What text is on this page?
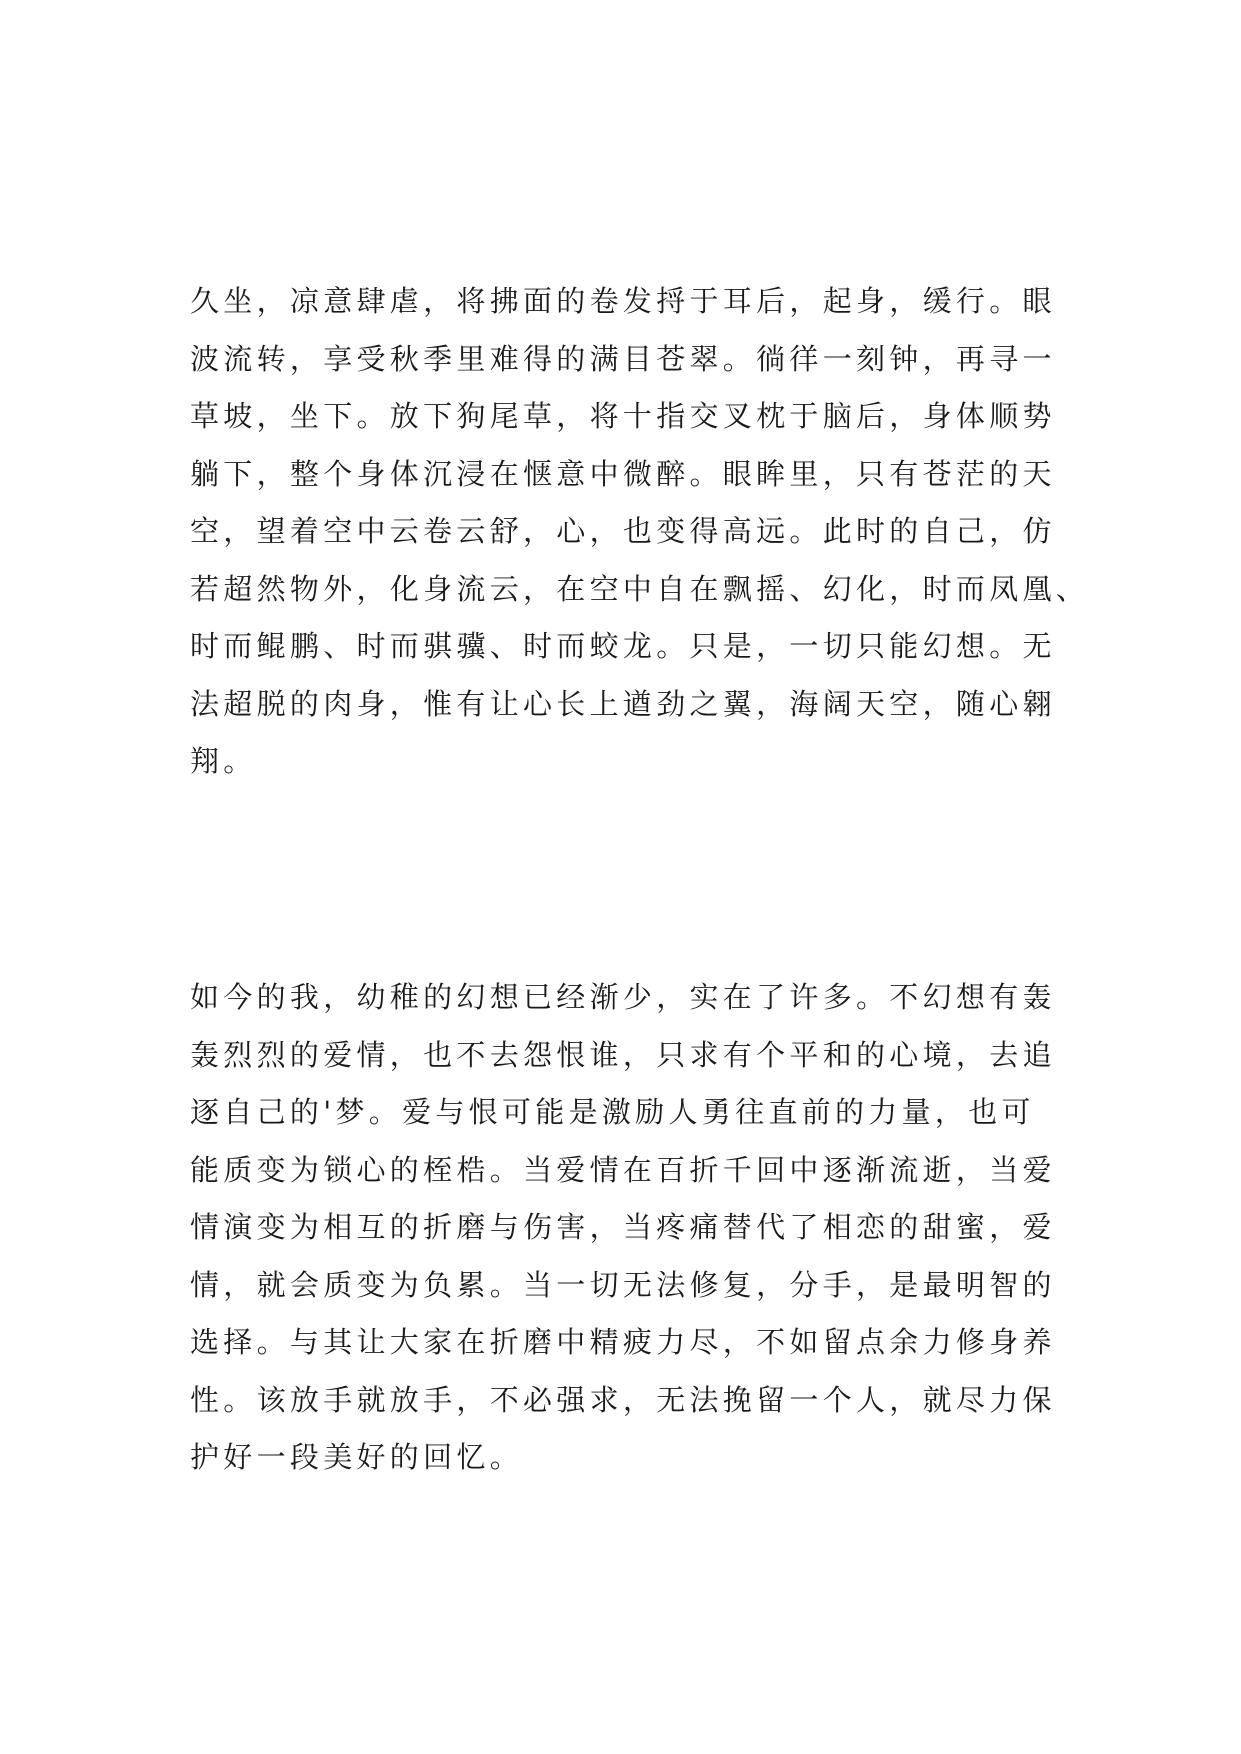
久坐，凉意肆虐，将拂面的卷发捋于耳后，起身，缓行。眼
波流转，享受秋季里难得的满目苍翠。徜徉一刻钟，再寻一
草坡，坐下。放下狗尾草，将十指交叉枕于脑后，身体顺势
躺下，整个身体沉浸在惬意中微醉。眼眸里，只有苍茫的天
空，望着空中云卷云舒，心，也变得高远。此时的自己，仿
若超然物外，化身流云，在空中自在飘摇、幻化，时而凤凰、
时而鲲鹏、时而骐骥、时而蛟龙。只是，一切只能幻想。无
法超脱的肉身，惟有让心长上遒劲之翼，海阔天空，随心翱
翔。
如今的我，幼稚的幻想已经渐少，实在了许多。不幻想有轰
轰烈烈的爱情，也不去怨恨谁，只求有个平和的心境，去追
逐自己的'梦。爱与恨可能是激励人勇往直前的力量，也可
能质变为锁心的桎梏。当爱情在百折千回中逐渐流逝，当爱
情演变为相互的折磨与伤害，当疼痛替代了相恋的甜蜜，爱
情，就会质变为负累。当一切无法修复，分手，是最明智的
选择。与其让大家在折磨中精疲力尽，不如留点余力修身养
性。该放手就放手，不必强求，无法挽留一个人，就尽力保
护好一段美好的回忆。
